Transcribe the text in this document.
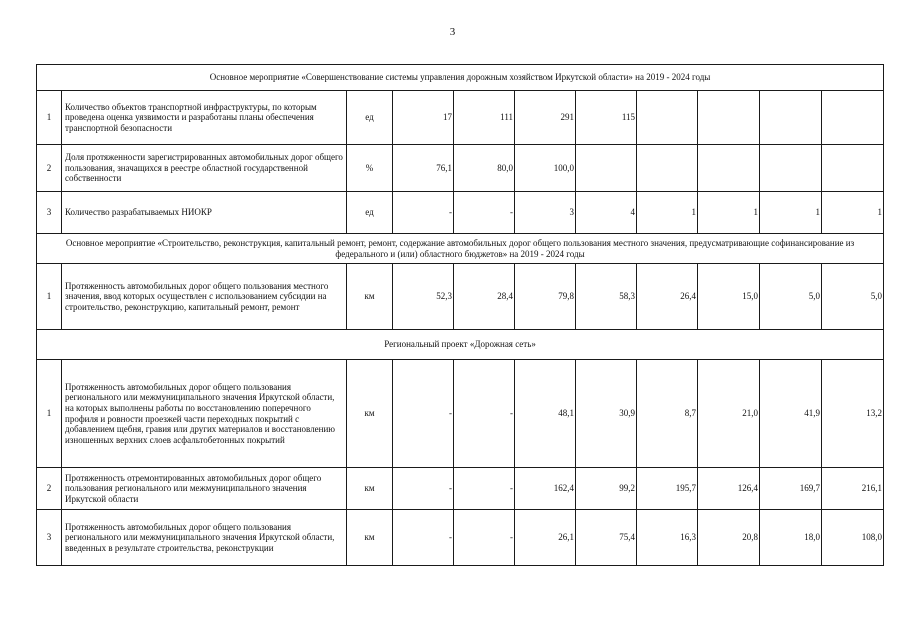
3
Основное мероприятие «Совершенствование системы управления дорожным хозяйством Иркутской области» на 2019 - 2024 годы										
1	Количество объектов транспортной инфраструктуры, по которым проведена оценка уязвимости и разработаны планы обеспечения транспортной безопасности	ед	17	111	291	115				
2	Доля протяженности зарегистрированных автомобильных дорог общего пользования, значащихся в реестре областной государственной собственности	%	76,1	80,0	100,0					
3	Количество разрабатываемых НИОКР	ед	-	-	3	4	1	1	1	1
Основное мероприятие «Строительство, реконструкция, капитальный ремонт, ремонт, содержание автомобильных дорог общего пользования местного значения, предусматривающие софинансирование из федерального и (или) областного бюджетов» на 2019 - 2024 годы										
1	Протяженность автомобильных дорог общего пользования местного значения, ввод которых осуществлен с использованием субсидии на строительство, реконструкцию, капитальный ремонт, ремонт	км	52,3	28,4	79,8	58,3	26,4	15,0	5,0	5,0
Региональный проект «Дорожная сеть»										
1	Протяженность автомобильных дорог общего пользования регионального или межмуниципального значения Иркутской области, на которых выполнены работы по восстановлению поперечного профиля и ровности проезжей части переходных покрытий с добавлением щебня, гравия или других материалов и восстановлению изношенных верхних слоев асфальтобетонных покрытий	км	-	-	48,1	30,9	8,7	21,0	41,9	13,2
2	Протяженность отремонтированных автомобильных дорог общего пользования регионального или межмуниципального значения Иркутской области	км	-	-	162,4	99,2	195,7	126,4	169,7	216,1
3	Протяженность автомобильных дорог общего пользования регионального или межмуниципального значения Иркутской области, введенных в результате строительства, реконструкции	км	-	-	26,1	75,4	16,3	20,8	18,0	108,0
